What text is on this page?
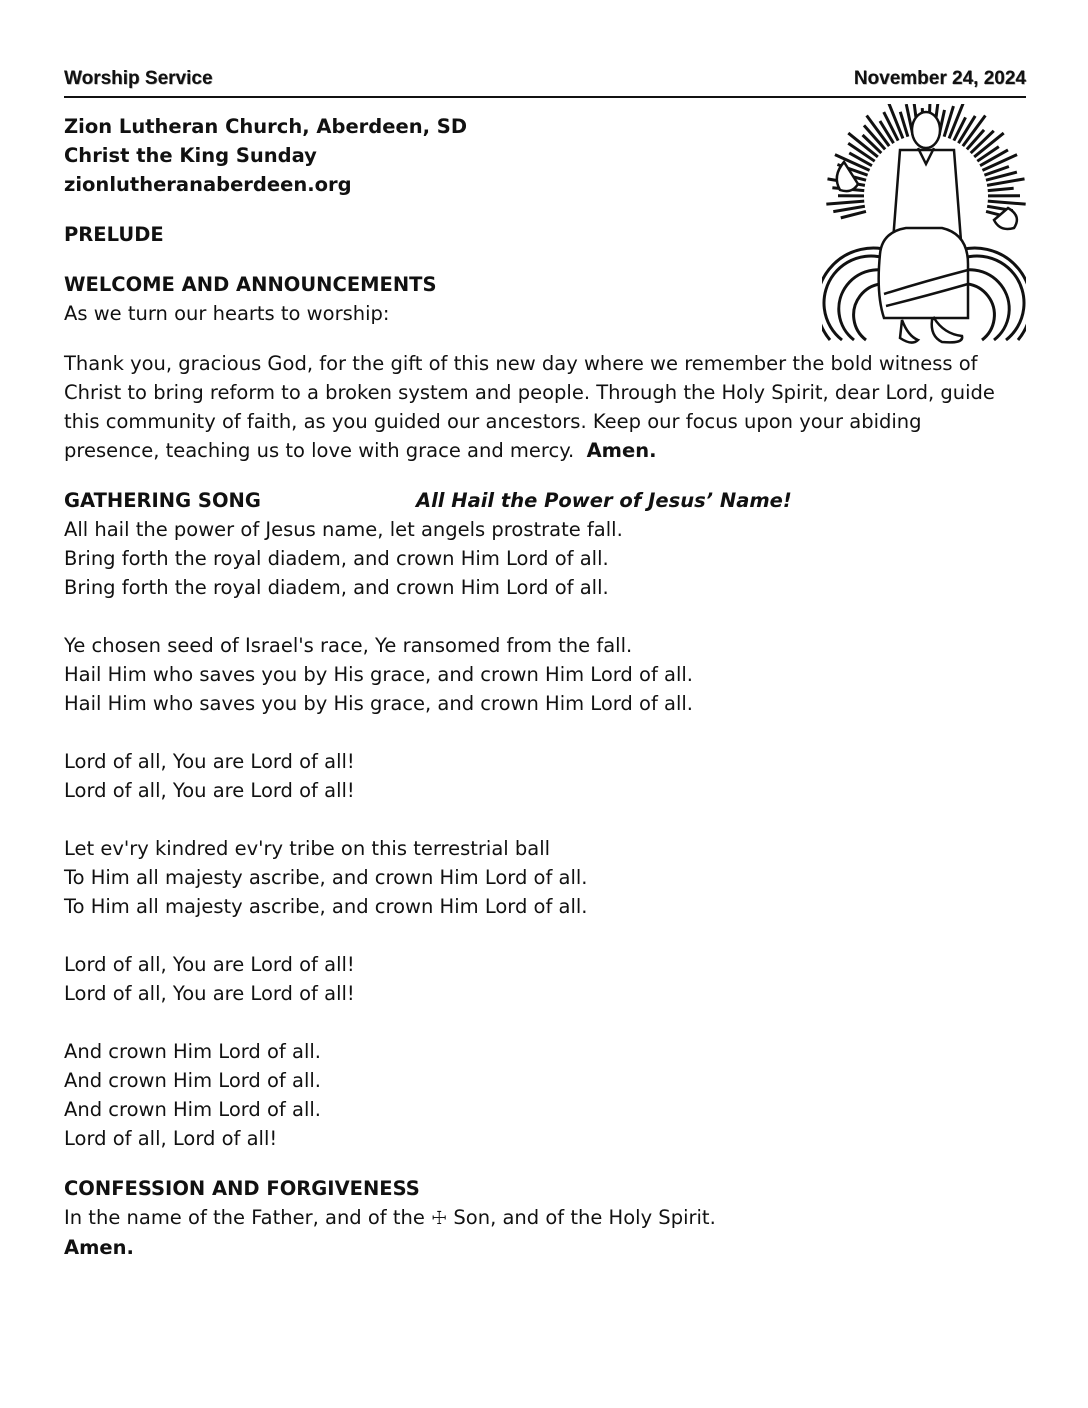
Worship Service	November 24, 2024

Zion Lutheran Church, Aberdeen, SD

Christ the King Sunday

zionlutheranaberdeen.org

PRELUDE

WELCOME AND ANNOUNCEMENTS

As we turn our hearts to worship:

Thank you, gracious God, for the gift of this new day where we remember the bold witness of

Christ to bring reform to a broken system and people. Through the Holy Spirit, dear Lord, guide

this community of faith, as you guided our ancestors. Keep our focus upon your abiding

presence, teaching us to love with grace and mercy. Amen.

GATHERING SONG	All Hail the Power of Jesus’ Name!

All hail the power of Jesus name, let angels prostrate fall.

Bring forth the royal diadem, and crown Him Lord of all.

Bring forth the royal diadem, and crown Him Lord of all.

Ye chosen seed of Israel's race, Ye ransomed from the fall.

Hail Him who saves you by His grace, and crown Him Lord of all.

Hail Him who saves you by His grace, and crown Him Lord of all.

Lord of all, You are Lord of all!

Lord of all, You are Lord of all!

Let ev'ry kindred ev'ry tribe on this terrestrial ball

To Him all majesty ascribe, and crown Him Lord of all.

To Him all majesty ascribe, and crown Him Lord of all.

Lord of all, You are Lord of all!

Lord of all, You are Lord of all!

And crown Him Lord of all.

And crown Him Lord of all.

And crown Him Lord of all.

Lord of all, Lord of all!

CONFESSION AND FORGIVENESS

In the name of the Father, and of the ☩ Son, and of the Holy Spirit.

Amen.
